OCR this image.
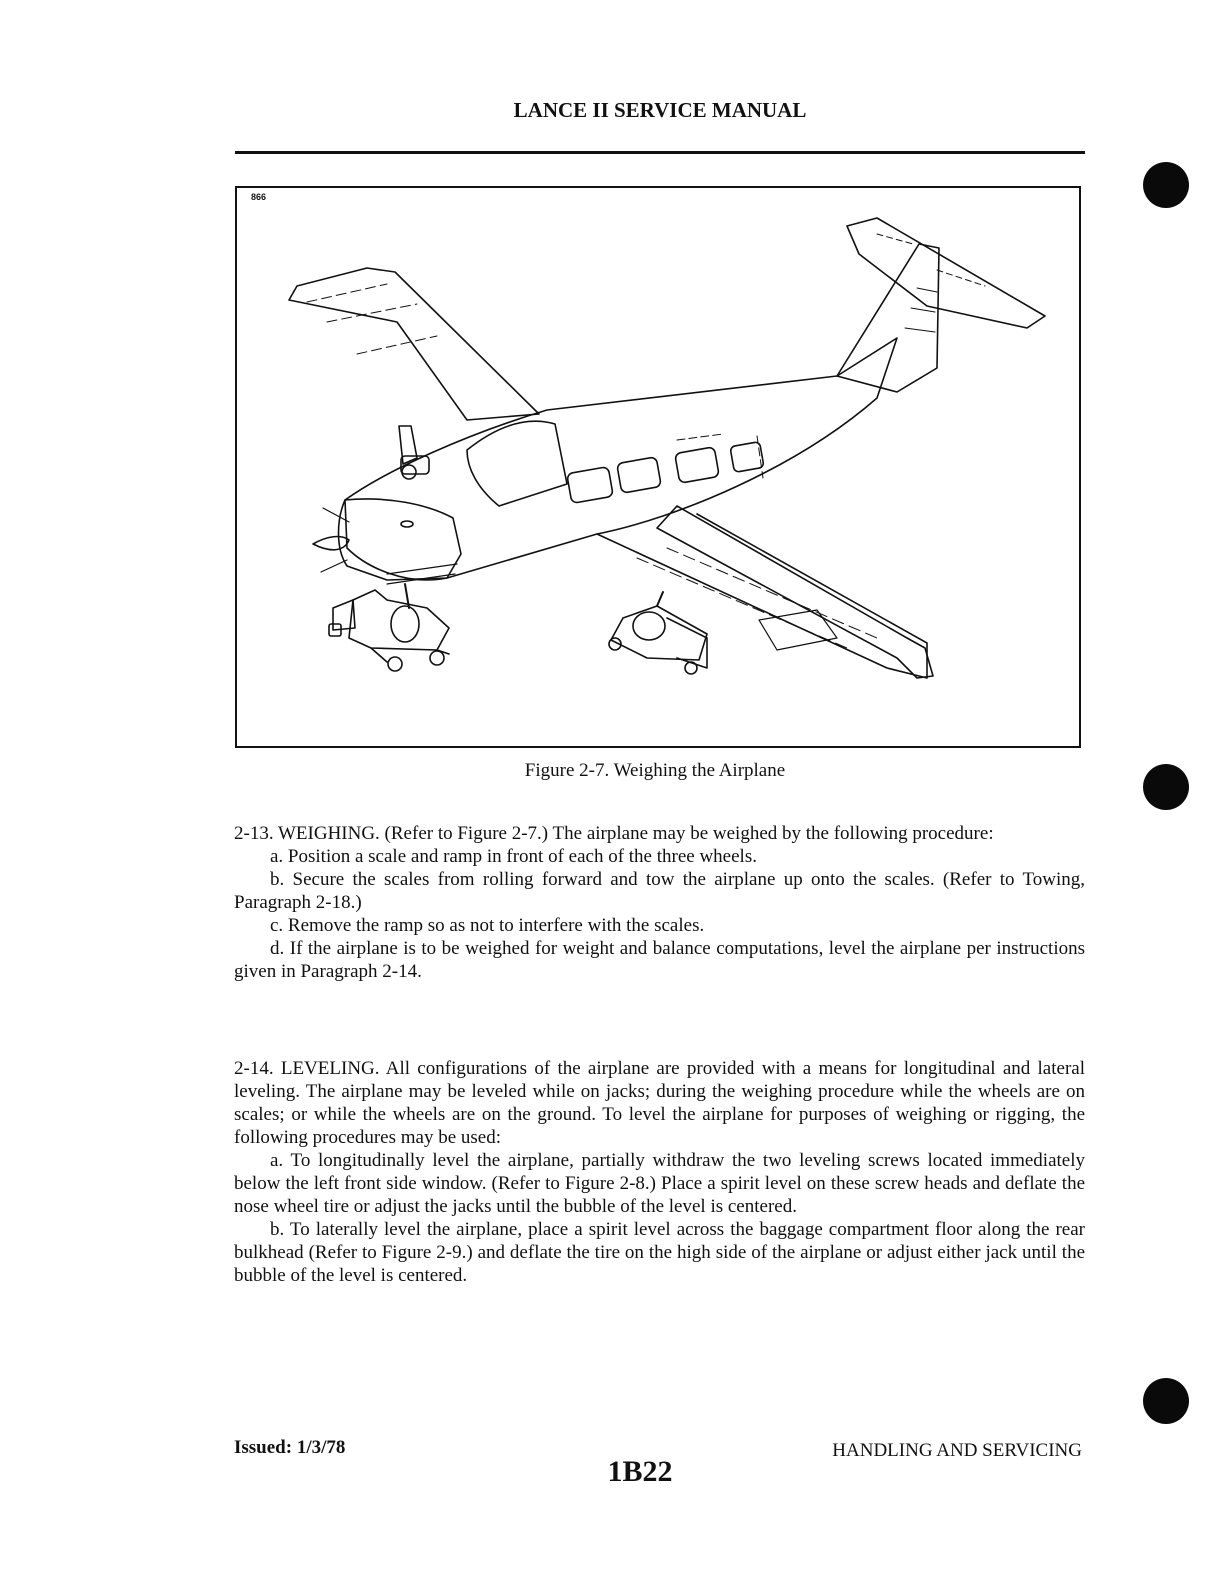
LANCE II SERVICE MANUAL
866
Figure 2-7. Weighing the Airplane

2-13. WEIGHING. (Refer to Figure 2-7.) The airplane may be weighed by the following procedure:

a. Position a scale and ramp in front of each of the three wheels.

b. Secure the scales from rolling forward and tow the airplane up onto the scales. (Refer to Towing, Paragraph 2-18.)

c. Remove the ramp so as not to interfere with the scales.

d. If the airplane is to be weighed for weight and balance computations, level the airplane per instructions given in Paragraph 2-14.

2-14. LEVELING. All configurations of the airplane are provided with a means for longitudinal and lateral leveling. The airplane may be leveled while on jacks; during the weighing procedure while the wheels are on scales; or while the wheels are on the ground. To level the airplane for purposes of weighing or rigging, the following procedures may be used:

a. To longitudinally level the airplane, partially withdraw the two leveling screws located immediately below the left front side window. (Refer to Figure 2-8.) Place a spirit level on these screw heads and deflate the nose wheel tire or adjust the jacks until the bubble of the level is centered.

b. To laterally level the airplane, place a spirit level across the baggage compartment floor along the rear bulkhead (Refer to Figure 2-9.) and deflate the tire on the high side of the airplane or adjust either jack until the bubble of the level is centered.

Issued: 1/3/78	HANDLING AND SERVICING
1B22
